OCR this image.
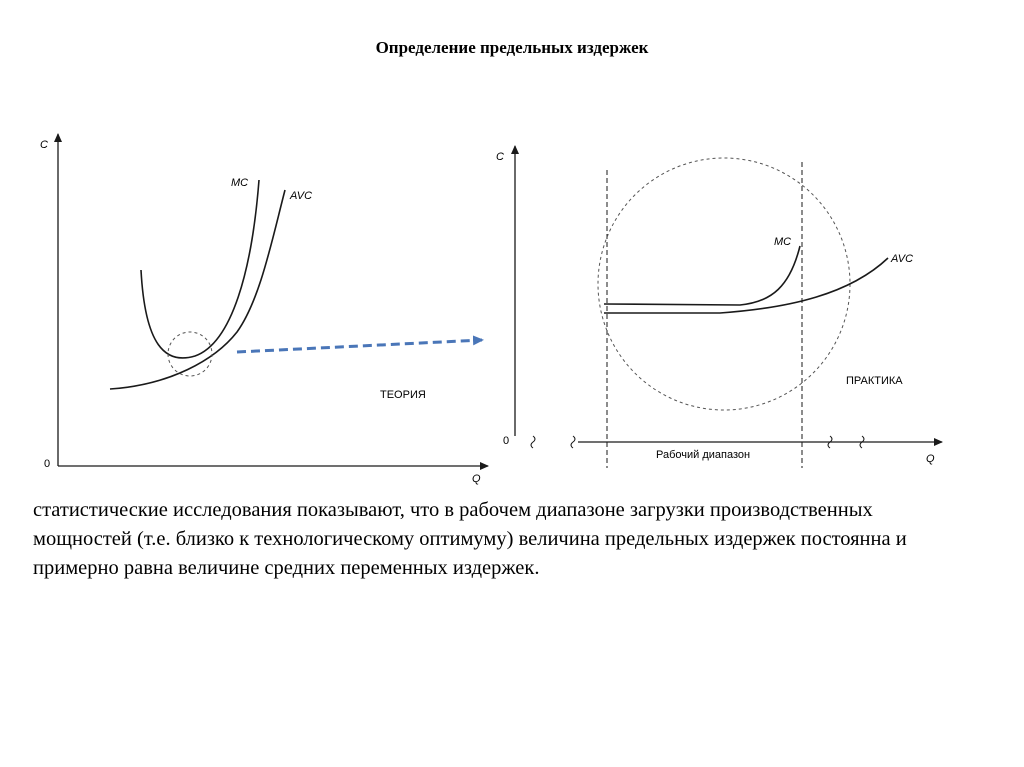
Определение предельных издержек
C
Q
0
MC
AVC
ТЕОРИЯ
C
Q
0
MC
AVC
ПРАКТИКА
Рабочий диапазон
статистические исследования показывают, что в рабочем диапазоне загрузки производственных мощностей (т.е. близко к технологическому оптимуму) величина предельных издержек постоянна и примерно равна величине средних переменных издержек.
